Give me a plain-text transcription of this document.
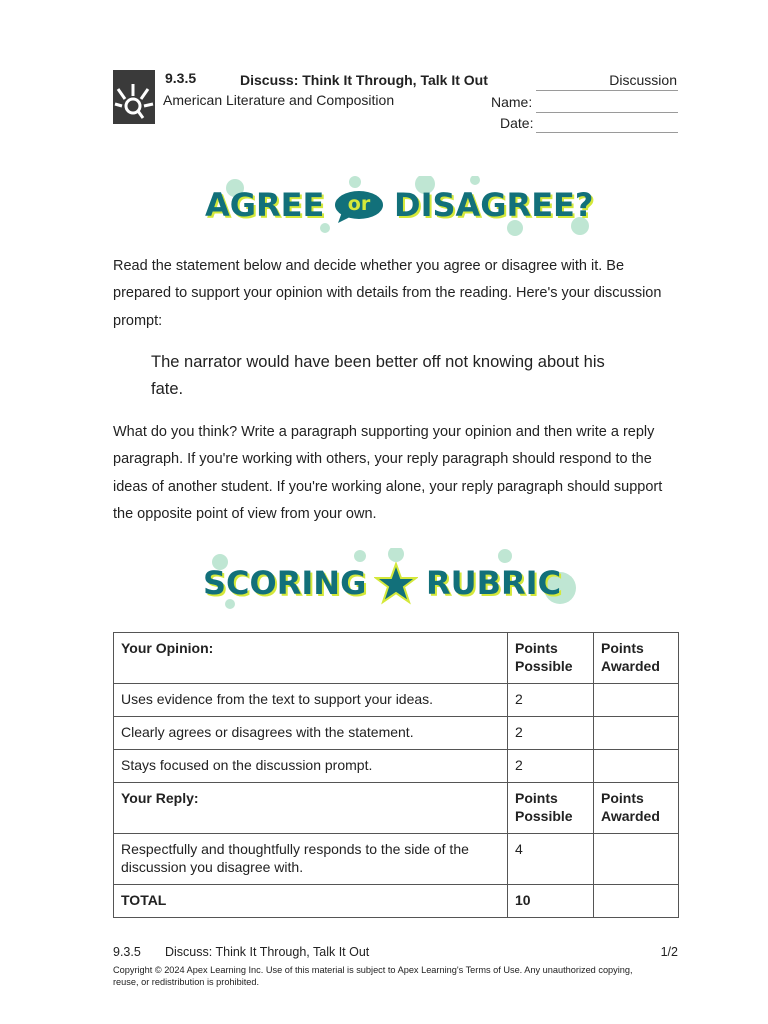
9.3.5	Discuss: Think It Through, Talk It Out	Discussion
American Literature and Composition	Name:
Date:
AGREE	or DISAGREE?
Read the statement below and decide whether you agree or disagree with it. Be prepared to support your opinion with details from the reading. Here's your discussion prompt:
The narrator would have been better off not knowing about his fate.
What do you think? Write a paragraph supporting your opinion and then write a reply paragraph. If you're working with others, your reply paragraph should respond to the ideas of another student. If you're working alone, your reply paragraph should support the opposite point of view from your own.
SCORING RUBRIC
Your Opinion:	Points Possible	Points Awarded
Uses evidence from the text to support your ideas.	2	
Clearly agrees or disagrees with the statement.	2	
Stays focused on the discussion prompt.	2	
Your Reply:	Points Possible	Points Awarded
Respectfully and thoughtfully responds to the side of the discussion you disagree with.	4	
TOTAL	10	
9.3.5 Discuss: Think It Through, Talk It Out	1/2
Copyright © 2024 Apex Learning Inc. Use of this material is subject to Apex Learning's Terms of Use. Any unauthorized copying, reuse, or redistribution is prohibited.
